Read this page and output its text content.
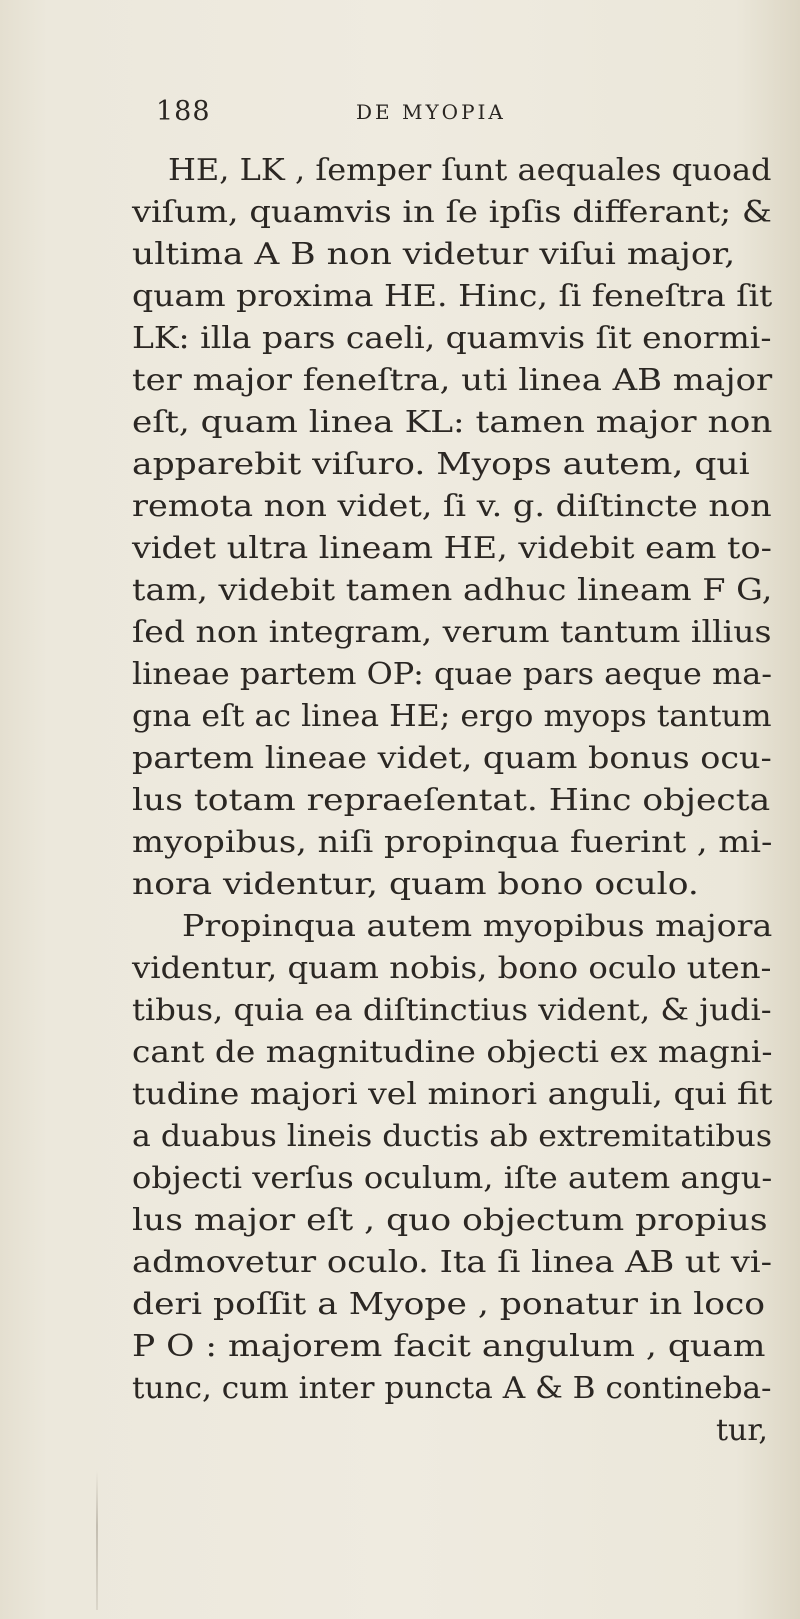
188	DE MYOPIA
HE, LK , ſemper ſunt aequales quoad
viſum, quamvis in ſe ipſis differant; &
ultima A B non videtur viſui major,
quam proxima HE. Hinc, ſi feneſtra ſit
LK: illa pars caeli, quamvis ſit enormi-
ter major feneſtra, uti linea AB major
eſt, quam linea KL: tamen major non
apparebit viſuro. Myops autem, qui
remota non videt, ſi v. g. diſtincte non
videt ultra lineam HE, videbit eam to-
tam, videbit tamen adhuc lineam F G,
ſed non integram, verum tantum illius
lineae partem OP: quae pars aeque ma-
gna eſt ac linea HE; ergo myops tantum
partem lineae videt, quam bonus ocu-
lus totam repraeſentat. Hinc objecta
myopibus, niſi propinqua fuerint , mi-
nora videntur, quam bono oculo.
Propinqua autem myopibus majora
videntur, quam nobis, bono oculo uten-
tibus, quia ea diſtinctius vident, & judi-
cant de magnitudine objecti ex magni-
tudine majori vel minori anguli, qui fit
a duabus lineis ductis ab extremitatibus
objecti verſus oculum, iſte autem angu-
lus major eſt , quo objectum propius
admovetur oculo. Ita ſi linea AB ut vi-
deri poſſit a Myope , ponatur in loco
P O : majorem facit angulum , quam
tunc, cum inter puncta A & B contineba-
tur,
